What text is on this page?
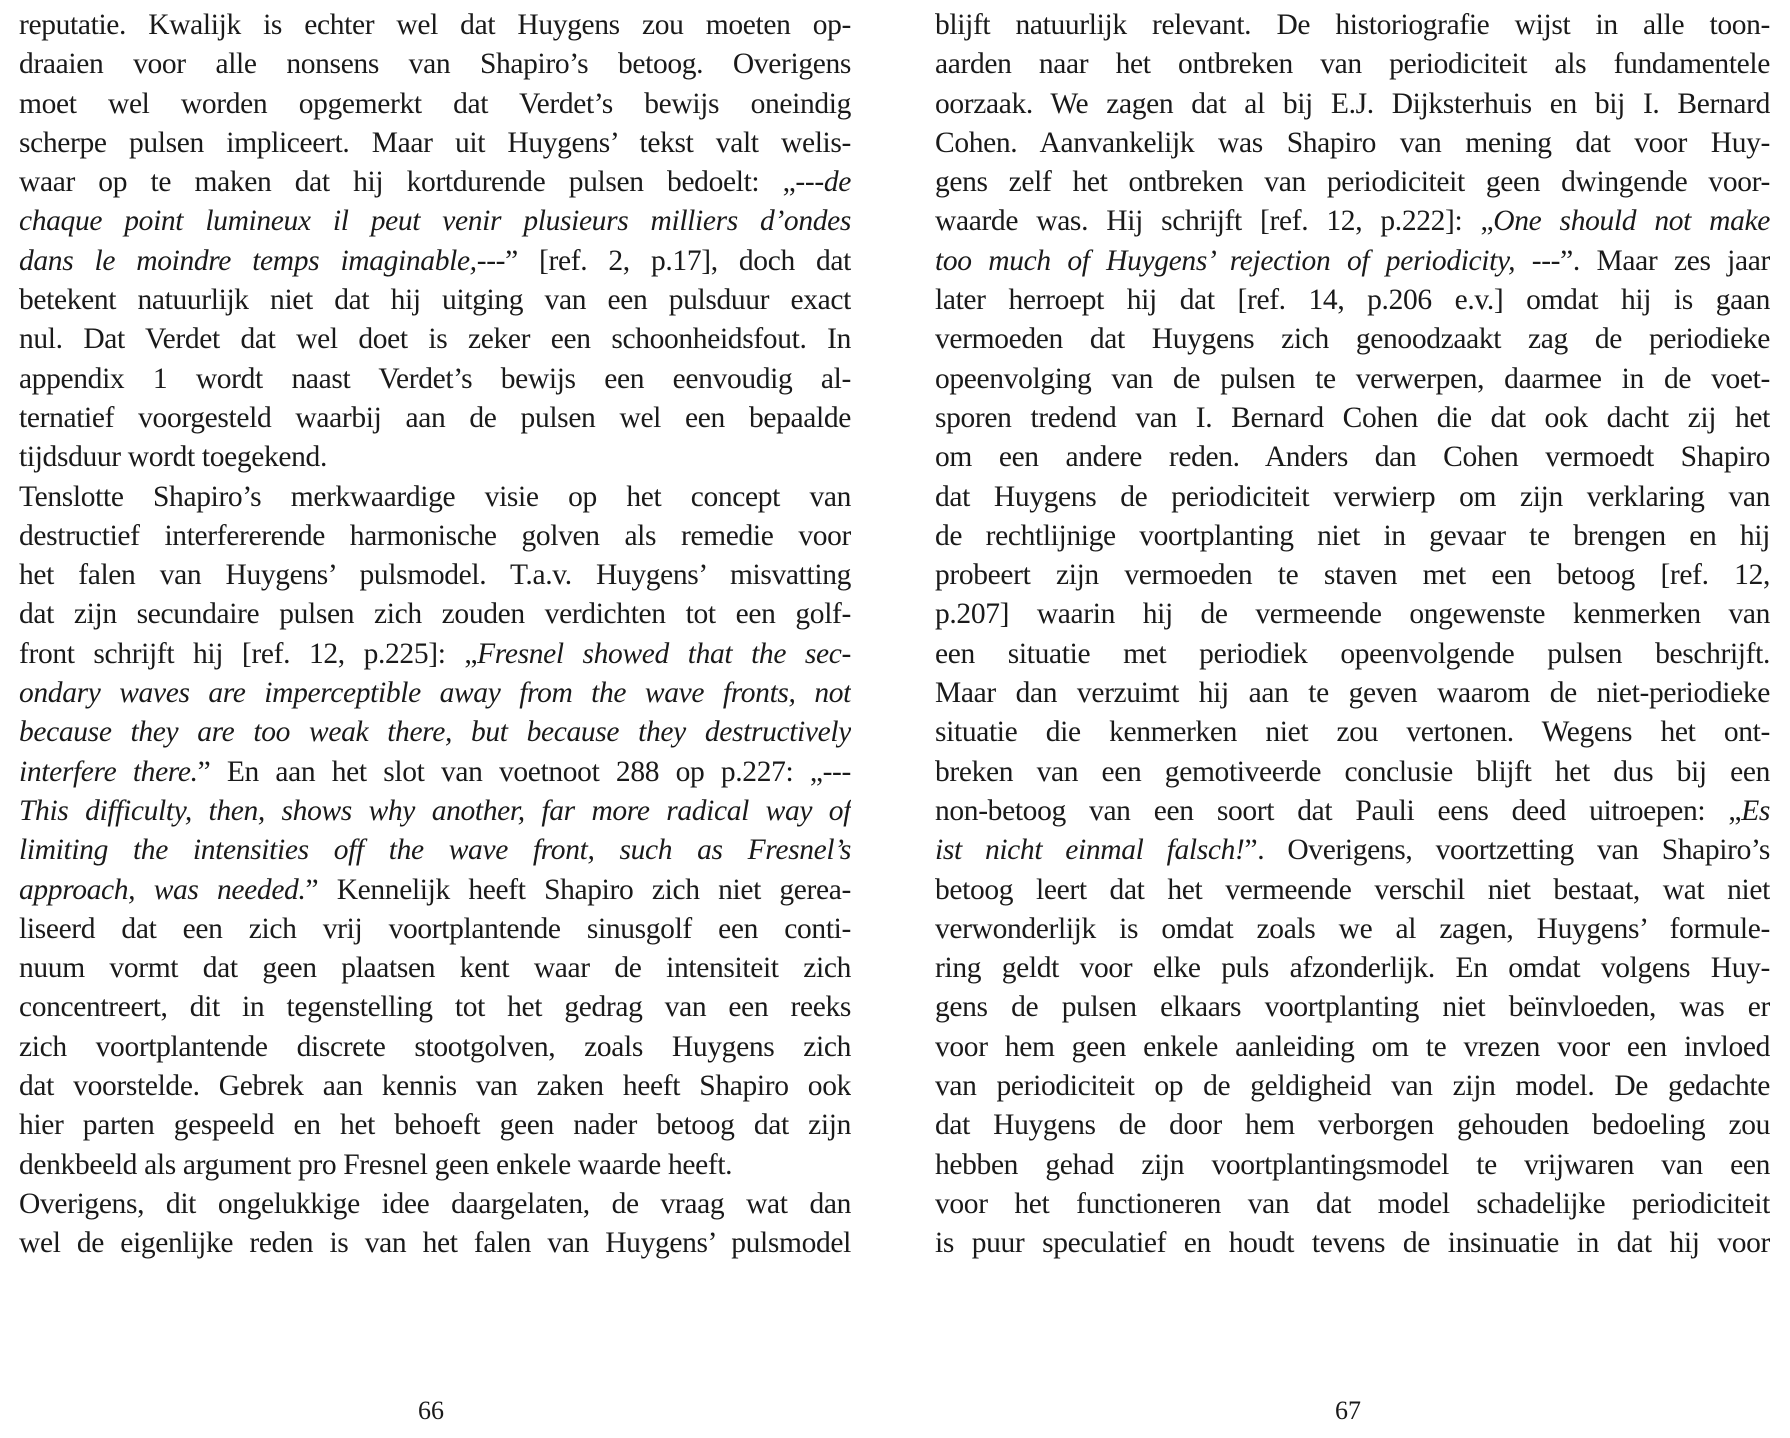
reputatie. Kwalijk is echter wel dat Huygens zou moeten op-
draaien voor alle nonsens van Shapiro’s betoog. Overigens
moet wel worden opgemerkt dat Verdet’s bewijs oneindig
scherpe pulsen impliceert. Maar uit Huygens’ tekst valt welis-
waar op te maken dat hij kortdurende pulsen bedoelt: „---de
chaque point lumineux il peut venir plusieurs milliers d’ondes
dans le moindre temps imaginable,---” [ref. 2, p.17], doch dat
betekent natuurlijk niet dat hij uitging van een pulsduur exact
nul. Dat Verdet dat wel doet is zeker een schoonheidsfout. In
appendix 1 wordt naast Verdet’s bewijs een eenvoudig al-
ternatief voorgesteld waarbij aan de pulsen wel een bepaalde
tijdsduur wordt toegekend.
Tenslotte Shapiro’s merkwaardige visie op het concept van
destructief interfererende harmonische golven als remedie voor
het falen van Huygens’ pulsmodel. T.a.v. Huygens’ misvatting
dat zijn secundaire pulsen zich zouden verdichten tot een golf-
front schrijft hij [ref. 12, p.225]: „Fresnel showed that the sec-
ondary waves are imperceptible away from the wave fronts, not
because they are too weak there, but because they destructively
interfere there.” En aan het slot van voetnoot 288 op p.227: „---
This difficulty, then, shows why another, far more radical way of
limiting the intensities off the wave front, such as Fresnel’s
approach, was needed.” Kennelijk heeft Shapiro zich niet gerea-
liseerd dat een zich vrij voortplantende sinusgolf een conti-
nuum vormt dat geen plaatsen kent waar de intensiteit zich
concentreert, dit in tegenstelling tot het gedrag van een reeks
zich voortplantende discrete stootgolven, zoals Huygens zich
dat voorstelde. Gebrek aan kennis van zaken heeft Shapiro ook
hier parten gespeeld en het behoeft geen nader betoog dat zijn
denkbeeld als argument pro Fresnel geen enkele waarde heeft.
Overigens, dit ongelukkige idee daargelaten, de vraag wat dan
wel de eigenlijke reden is van het falen van Huygens’ pulsmodel
66
blijft natuurlijk relevant. De historiografie wijst in alle toon-
aarden naar het ontbreken van periodiciteit als fundamentele
oorzaak. We zagen dat al bij E.J. Dijksterhuis en bij I. Bernard
Cohen. Aanvankelijk was Shapiro van mening dat voor Huy-
gens zelf het ontbreken van periodiciteit geen dwingende voor-
waarde was. Hij schrijft [ref. 12, p.222]: „One should not make
too much of Huygens’ rejection of periodicity, ---”. Maar zes jaar
later herroept hij dat [ref. 14, p.206 e.v.] omdat hij is gaan
vermoeden dat Huygens zich genoodzaakt zag de periodieke
opeenvolging van de pulsen te verwerpen, daarmee in de voet-
sporen tredend van I. Bernard Cohen die dat ook dacht zij het
om een andere reden. Anders dan Cohen vermoedt Shapiro
dat Huygens de periodiciteit verwierp om zijn verklaring van
de rechtlijnige voortplanting niet in gevaar te brengen en hij
probeert zijn vermoeden te staven met een betoog [ref. 12,
p.207] waarin hij de vermeende ongewenste kenmerken van
een situatie met periodiek opeenvolgende pulsen beschrijft.
Maar dan verzuimt hij aan te geven waarom de niet-periodieke
situatie die kenmerken niet zou vertonen. Wegens het ont-
breken van een gemotiveerde conclusie blijft het dus bij een
non-betoog van een soort dat Pauli eens deed uitroepen: „Es
ist nicht einmal falsch!”. Overigens, voortzetting van Shapiro’s
betoog leert dat het vermeende verschil niet bestaat, wat niet
verwonderlijk is omdat zoals we al zagen, Huygens’ formule-
ring geldt voor elke puls afzonderlijk. En omdat volgens Huy-
gens de pulsen elkaars voortplanting niet beïnvloeden, was er
voor hem geen enkele aanleiding om te vrezen voor een invloed
van periodiciteit op de geldigheid van zijn model. De gedachte
dat Huygens de door hem verborgen gehouden bedoeling zou
hebben gehad zijn voortplantingsmodel te vrijwaren van een
voor het functioneren van dat model schadelijke periodiciteit
is puur speculatief en houdt tevens de insinuatie in dat hij voor
67
